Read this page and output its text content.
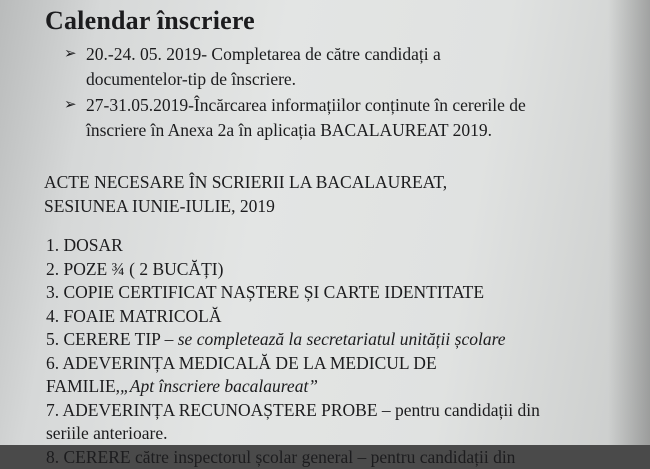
Calendar înscriere
➢ 20.-24. 05. 2019- Completarea de către candidați a
documentelor-tip de înscriere.
➢ 27-31.05.2019-Încărcarea informațiilor conținute în cererile de
înscriere în Anexa 2a în aplicația BACALAUREAT 2019.
ACTE NECESARE ÎN SCRIERII LA BACALAUREAT,
SESIUNEA IUNIE-IULIE, 2019
1. DOSAR
2. POZE ¾ ( 2 BUCĂȚI)
3. COPIE CERTIFICAT NAȘTERE ȘI CARTE IDENTITATE
4. FOAIE MATRICOLĂ
5. CERERE TIP – se completează la secretariatul unității școlare
6. ADEVERINȚA MEDICALĂ DE LA MEDICUL DE
FAMILIE,„Apt înscriere bacalaureat”
7. ADEVERINȚA RECUNOAȘTERE PROBE – pentru candidații din
seriile anterioare.
8. CERERE către inspectorul școlar general – pentru candidații din
